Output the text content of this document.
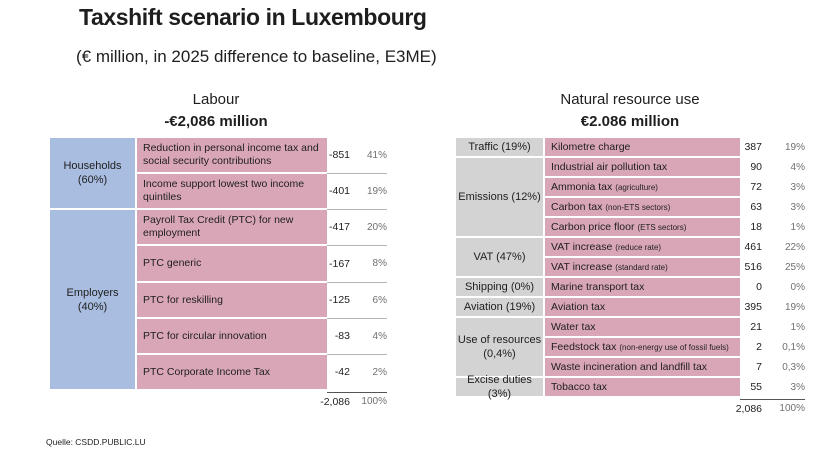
Taxshift scenario in Luxembourg
(€ million, in 2025 difference to baseline, E3ME)
Labour
-€2,086 million
Natural resource use
€2.086 million
Reduction in personal income tax and social security contributions	-851	41%
Income support lowest two income quintiles	-401	19%
Households
(60%)
Payroll Tax Credit (PTC) for new employment	-417	20%
PTC generic	-167	8%
PTC for reskilling	-125	6%
PTC for circular innovation	-83	4%
PTC Corporate Income Tax	-42	2%
Employers
(40%)
-2,086	100%
Kilometre charge	387	19%
Traffic (19%)
Industrial air pollution tax	90	4%
Ammonia tax (agriculture)	72	3%
Carbon tax (non-ETS sectors)	63	3%
Carbon price floor (ETS sectors)	18	1%
Emissions (12%)
VAT increase (reduce rate)	461	22%
VAT increase (standard rate)	516	25%
VAT (47%)
Marine transport tax	0	0%
Shipping (0%)
Aviation tax	395	19%
Aviation (19%)
Water tax	21	1%
Feedstock tax (non-energy use of fossil fuels)	2	0,1%
Waste incineration and landfill tax	7	0,3%
Use of resources
(0,4%)
Tobacco tax	55	3%
Excise duties (3%)
2,086	100%
Quelle: CSDD.PUBLIC.LU
